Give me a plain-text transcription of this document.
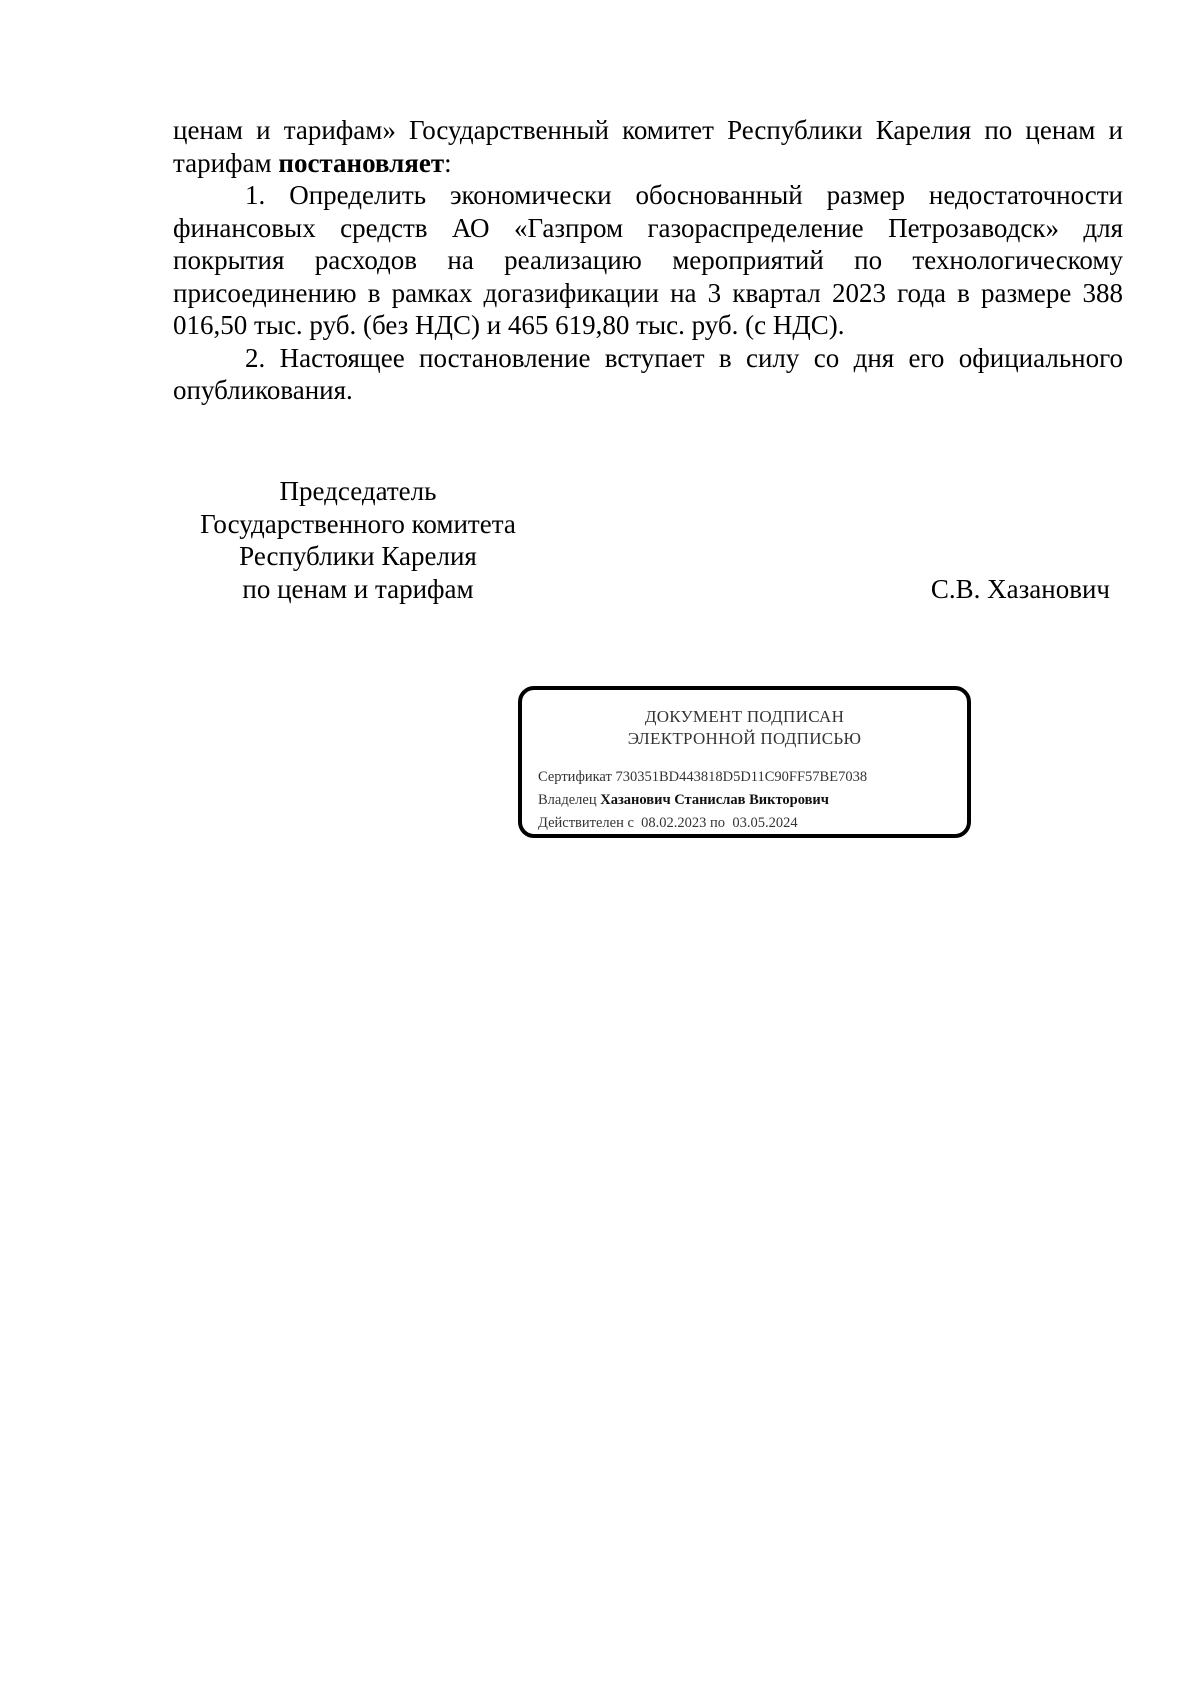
ценам и тарифам» Государственный комитет Республики Карелия по ценам и тарифам постановляет:

1. Определить экономически обоснованный размер недостаточности финансовых средств АО «Газпром газораспределение Петрозаводск» для покрытия расходов на реализацию мероприятий по технологическому присоединению в рамках догазификации на 3 квартал 2023 года в размере 388 016,50 тыс. руб. (без НДС) и 465 619,80 тыс. руб. (с НДС).

2. Настоящее постановление вступает в силу со дня его официального опубликования.

Председатель
Государственного комитета
Республики Карелия
по ценам и тарифам	С.В. Хазанович
ДОКУМЕНТ ПОДПИСАН
ЭЛЕКТРОННОЙ ПОДПИСЬЮ
Сертификат 730351BD443818D5D11C90FF57BE7038
Владелец Хазанович Станислав Викторович
Действителен с 08.02.2023 по 03.05.2024
